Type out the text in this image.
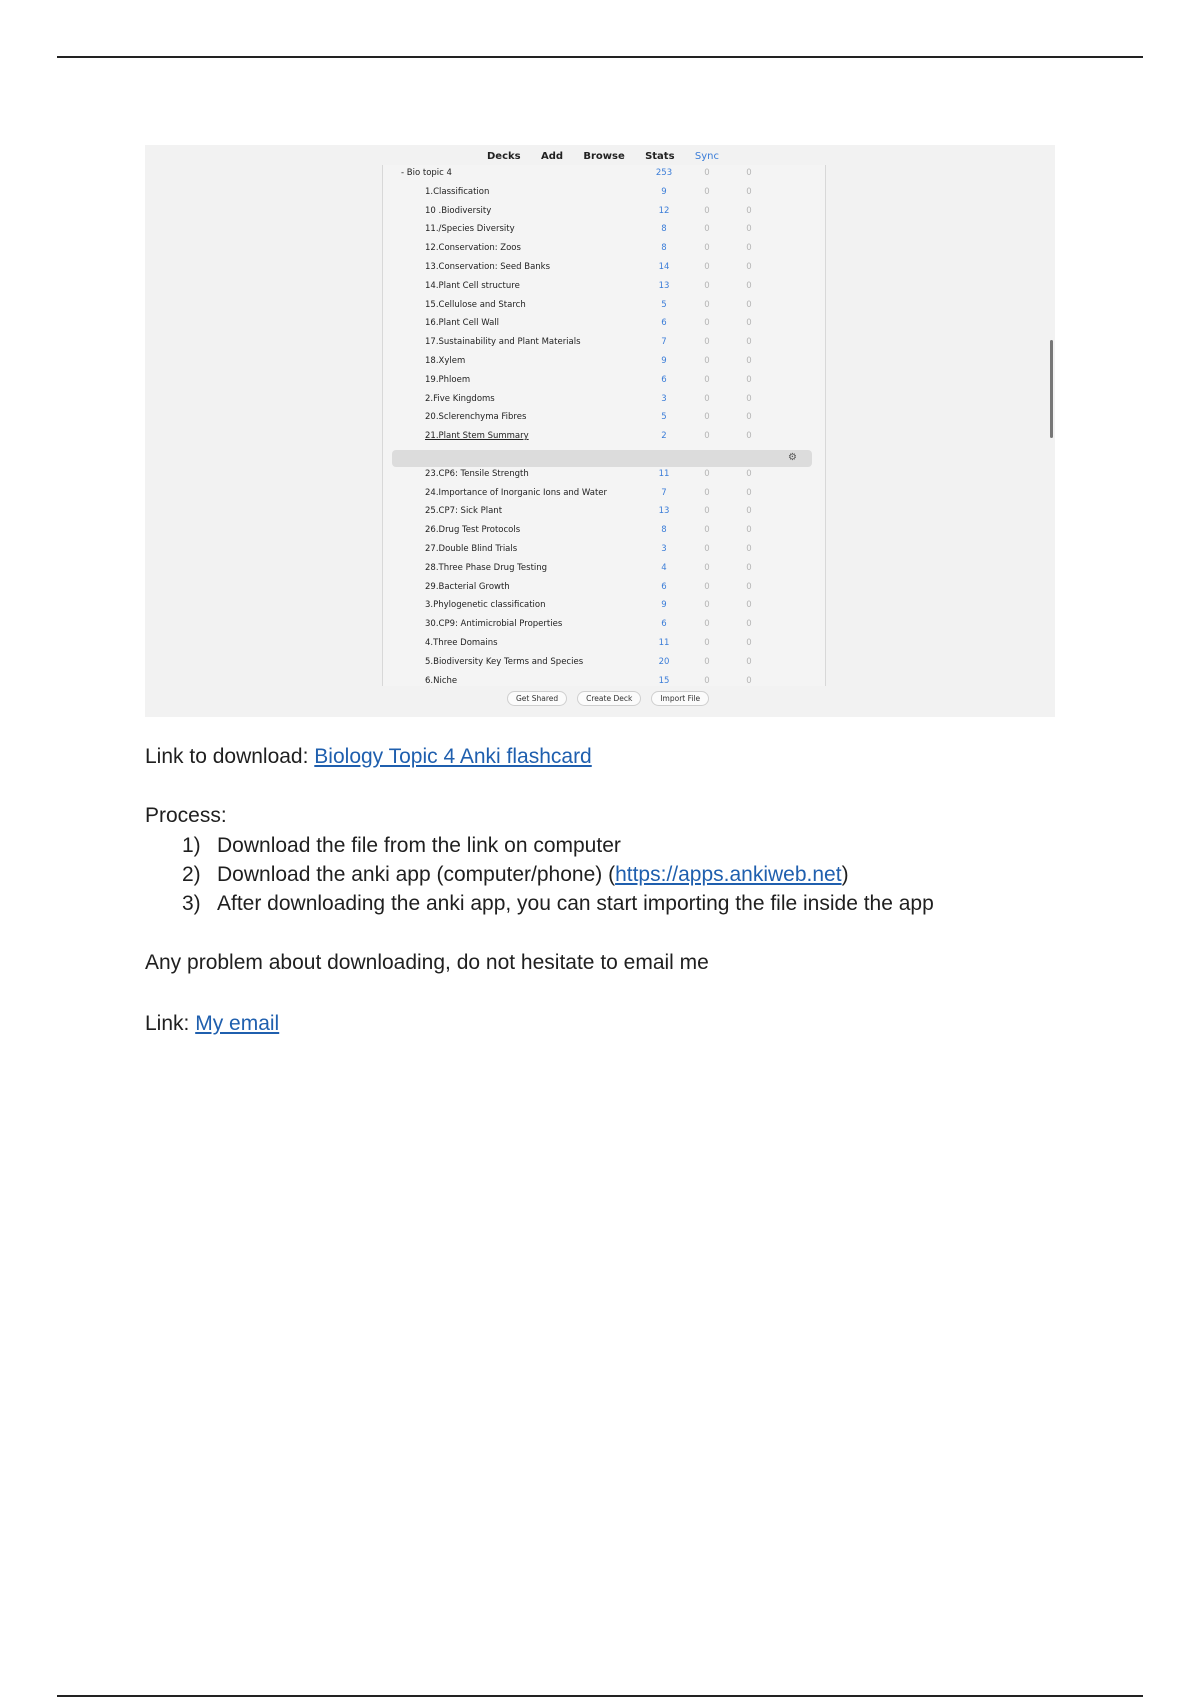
Decks Add Browse Stats Sync
- Bio topic 4	253	0	0
1.Classification	9	0	0
10 .Biodiversity	12	0	0
11./Species Diversity	8	0	0
12.Conservation: Zoos	8	0	0
13.Conservation: Seed Banks	14	0	0
14.Plant Cell structure	13	0	0
15.Cellulose and Starch	5	0	0
16.Plant Cell Wall	6	0	0
17.Sustainability and Plant Materials	7	0	0
18.Xylem	9	0	0
19.Phloem	6	0	0
2.Five Kingdoms	3	0	0
20.Sclerenchyma Fibres	5	0	0
21.Plant Stem Summary	2	0	0
23.CP6: Tensile Strength	11	0	0
24.Importance of Inorganic Ions and Water	7	0	0
25.CP7: Sick Plant	13	0	0
26.Drug Test Protocols	8	0	0
27.Double Blind Trials	3	0	0
28.Three Phase Drug Testing	4	0	0
29.Bacterial Growth	6	0	0
3.Phylogenetic classification	9	0	0
30.CP9: Antimicrobial Properties	6	0	0
4.Three Domains	11	0	0
5.Biodiversity Key Terms and Species	20	0	0
6.Niche	15	0	0
Get Shared	Create Deck	Import File
⚙
Link to download: Biology Topic 4 Anki flashcard
Process:
1) Download the file from the link on computer
2) Download the anki app (computer/phone) (https://apps.ankiweb.net)
3) After downloading the anki app, you can start importing the file inside the app
Any problem about downloading, do not hesitate to email me
Link: My email
